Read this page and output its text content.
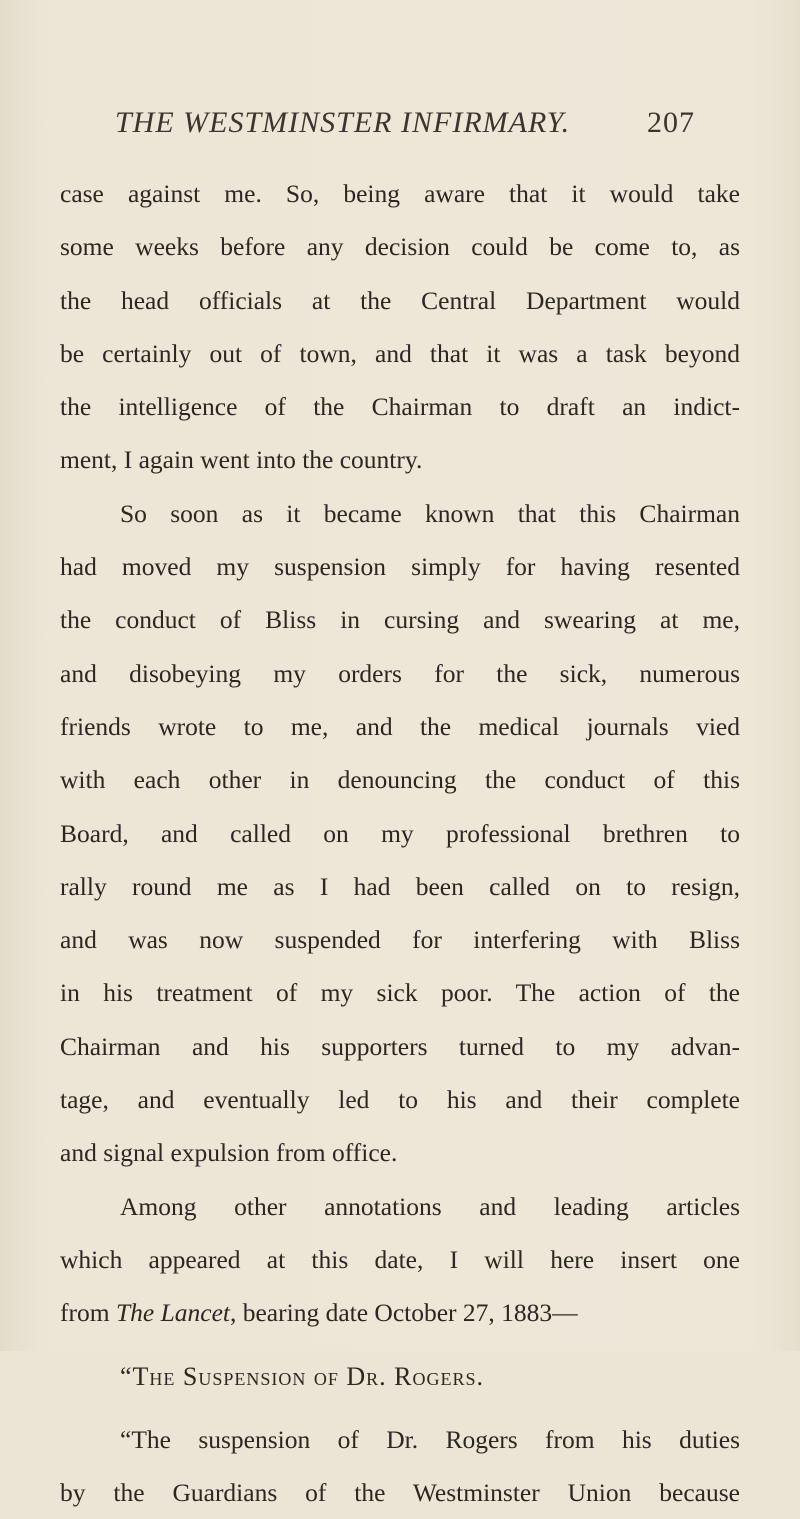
THE WESTMINSTER INFIRMARY.	207
case against me. So, being aware that it would take
some weeks before any decision could be come to, as
the head officials at the Central Department would
be certainly out of town, and that it was a task beyond
the intelligence of the Chairman to draft an indict-
ment, I again went into the country.
So soon as it became known that this Chairman
had moved my suspension simply for having resented
the conduct of Bliss in cursing and swearing at me,
and disobeying my orders for the sick, numerous
friends wrote to me, and the medical journals vied
with each other in denouncing the conduct of this
Board, and called on my professional brethren to
rally round me as I had been called on to resign,
and was now suspended for interfering with Bliss
in his treatment of my sick poor. The action of the
Chairman and his supporters turned to my advan-
tage, and eventually led to his and their complete
and signal expulsion from office.
Among other annotations and leading articles
which appeared at this date, I will here insert one
from The Lancet, bearing date October 27, 1883—
“The Suspension of Dr. Rogers.
“The suspension of Dr. Rogers from his duties
by the Guardians of the Westminster Union because
